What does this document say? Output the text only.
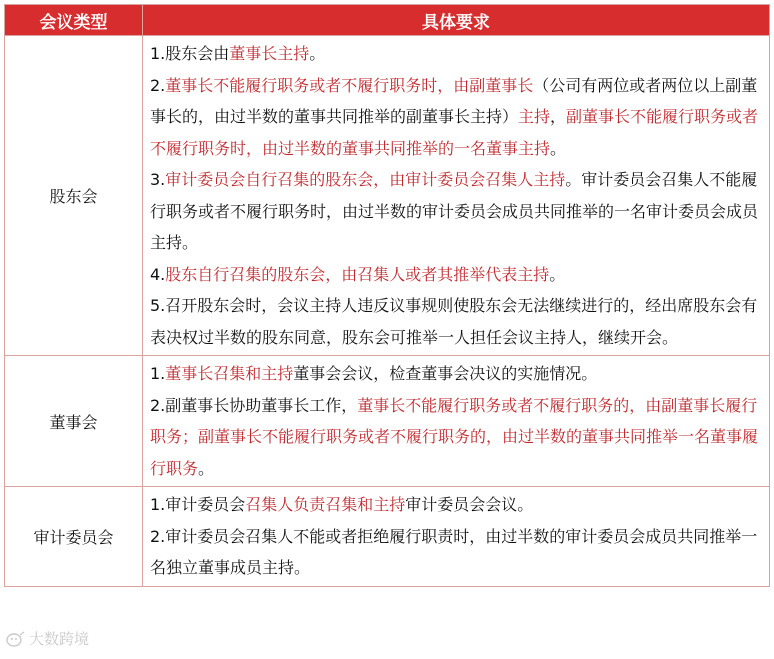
会议类型	具体要求
股东会	1.股东会由董事长主持。

2.董事长不能履行职务或者不履行职务时，由副董事长（公司有两位或者两位以上副董事长的，由过半数的董事共同推举的副董事长主持）主持，副董事长不能履行职务或者不履行职务时，由过半数的董事共同推举的一名董事主持。

3.审计委员会自行召集的股东会，由审计委员会召集人主持。审计委员会召集人不能履行职务或者不履行职务时，由过半数的审计委员会成员共同推举的一名审计委员会成员主持。

4.股东自行召集的股东会，由召集人或者其推举代表主持。

5.召开股东会时，会议主持人违反议事规则使股东会无法继续进行的，经出席股东会有表决权过半数的股东同意，股东会可推举一人担任会议主持人，继续开会。

董事会	1.董事长召集和主持董事会会议，检查董事会决议的实施情况。

2.副董事长协助董事长工作，董事长不能履行职务或者不履行职务的，由副董事长履行职务；副董事长不能履行职务或者不履行职务的，由过半数的董事共同推举一名董事履行职务。

审计委员会	1.审计委员会召集人负责召集和主持审计委员会会议。

2.审计委员会召集人不能或者拒绝履行职责时，由过半数的审计委员会成员共同推举一名独立董事成员主持。

大数跨境
